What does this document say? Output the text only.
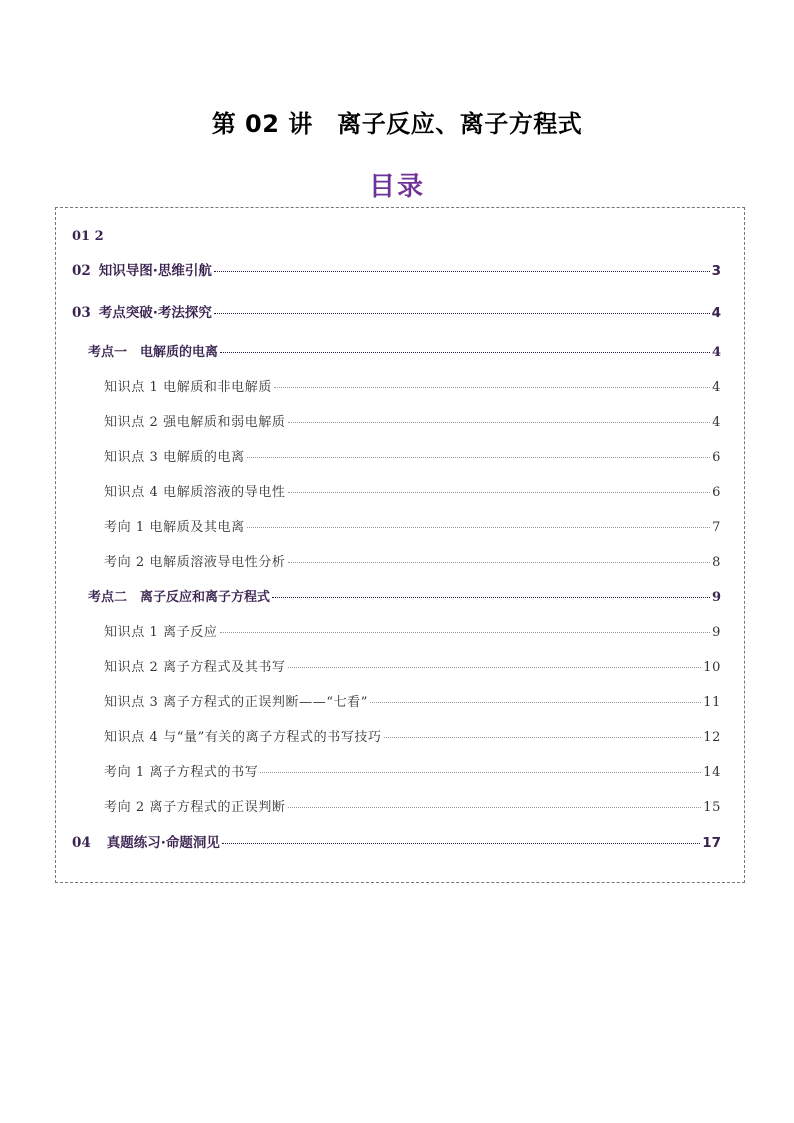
第 02 讲　离子反应、离子方程式
目录
01 2
02 知识导图·思维引航	3
03 考点突破·考法探究	4
考点一　电解质的电离	4
知识点 1 电解质和非电解质	4
知识点 2 强电解质和弱电解质	4
知识点 3 电解质的电离	6
知识点 4 电解质溶液的导电性	6
考向 1 电解质及其电离	7
考向 2 电解质溶液导电性分析	8
考点二　离子反应和离子方程式	9
知识点 1 离子反应	9
知识点 2 离子方程式及其书写	10
知识点 3 离子方程式的正误判断——“七看”	11
知识点 4 与“量”有关的离子方程式的书写技巧	12
考向 1 离子方程式的书写	14
考向 2 离子方程式的正误判断	15
04 真题练习·命题洞见	17
